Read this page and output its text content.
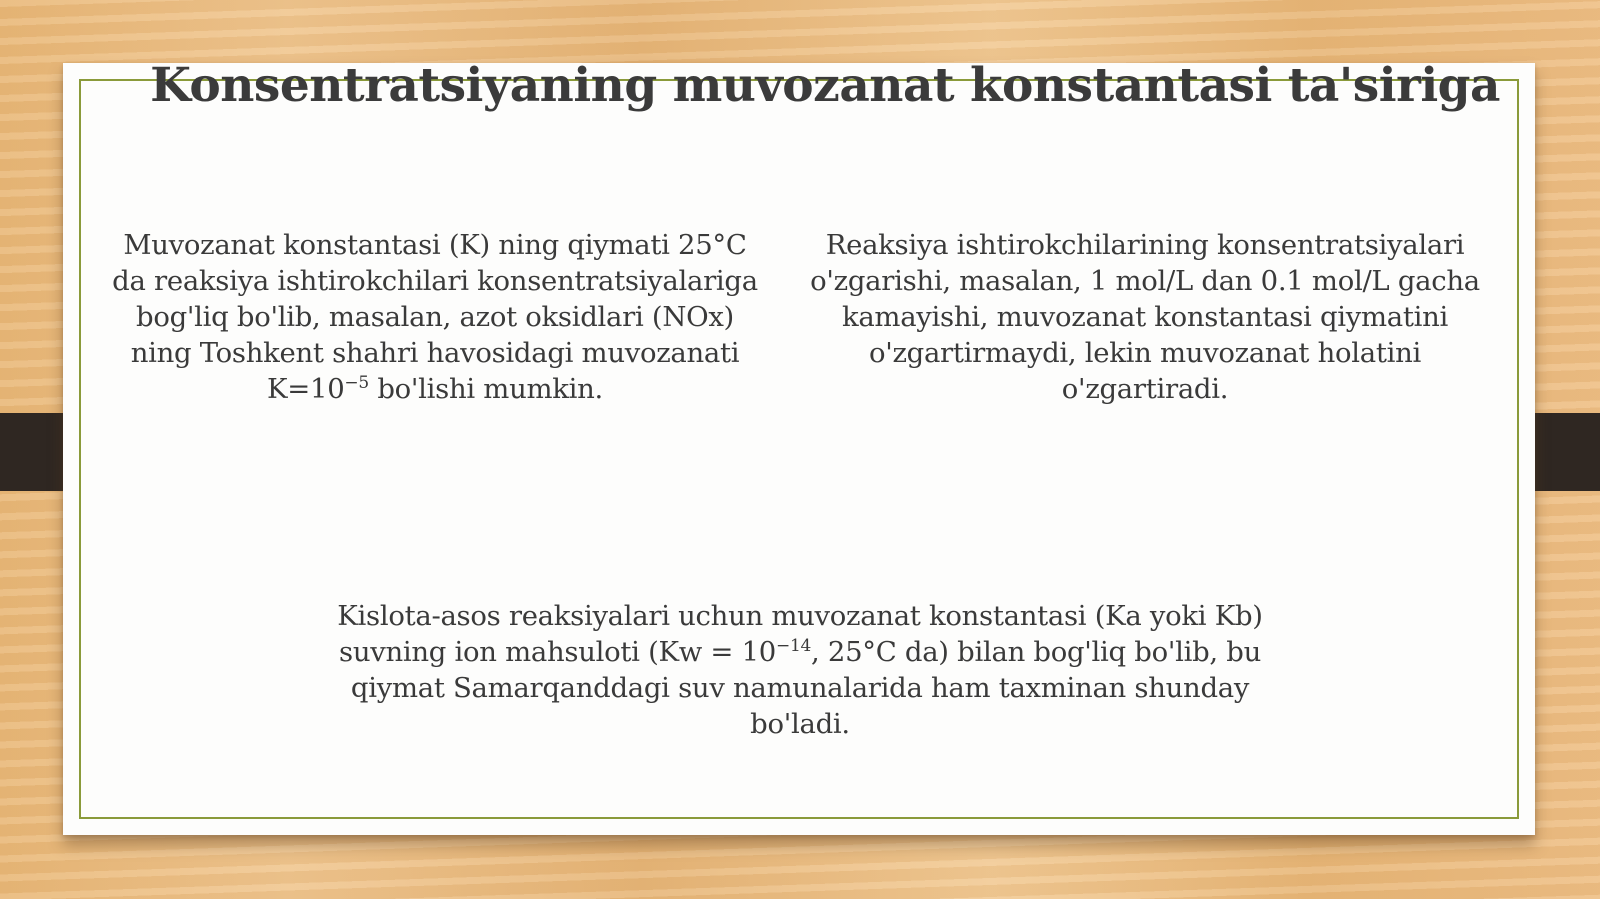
Konsentratsiyaning muvozanat konstantasi ta'siriga

Muvozanat konstantasi (K) ning qiymati 25°C da reaksiya ishtirokchilari konsentratsiyalariga bog'liq bo'lib, masalan, azot oksidlari (NOx) ning Toshkent shahri havosidagi muvozanati $K=10^{-5}$ bo'lishi mumkin.

Reaksiya ishtirokchilarining konsentratsiyalari o'zgarishi, masalan, 1 mol/L dan 0.1 mol/L gacha kamayishi, muvozanat konstantasi qiymatini o'zgartirmaydi, lekin muvozanat holatini o'zgartiradi.

Kislota-asos reaksiyalari uchun muvozanat konstantasi (Ka yoki Kb) suvning ion mahsuloti ($Kw = 10^{-14}$, 25°C da) bilan bog'liq bo'lib, bu qiymat Samarqanddagi suv namunalarida ham taxminan shunday bo'ladi.
